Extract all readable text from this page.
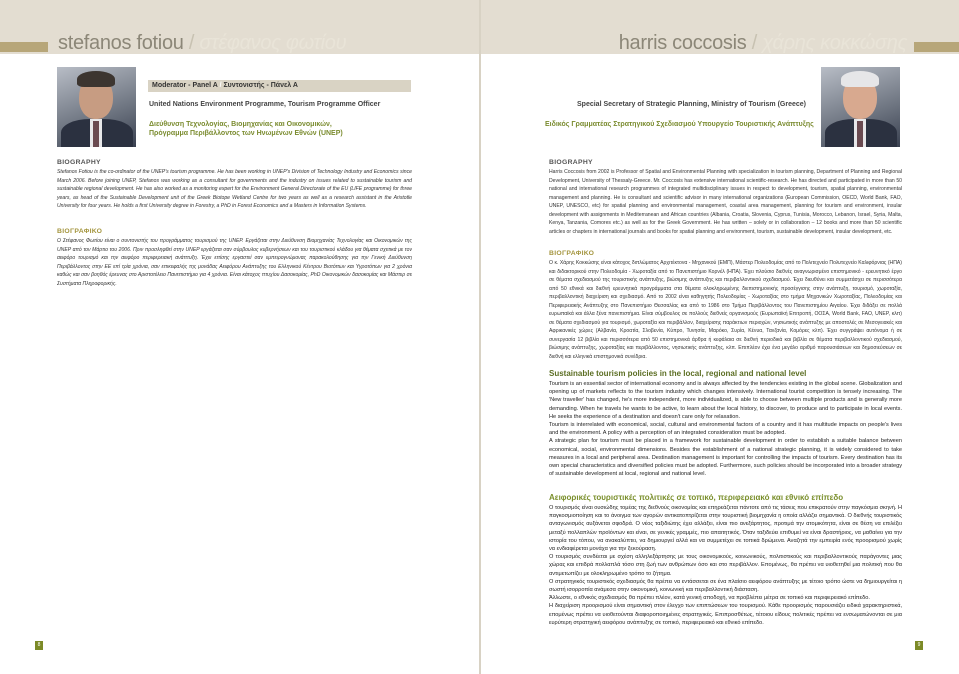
stefanos fotiou / στέφανος φωτίου
Moderator - Panel A / Συντονιστής - Πάνελ Α
United Nations Environment Programme, Tourism Programme Officer
Διεύθυνση Τεχνολογίας, Βιομηχανίας και Οικονομικών,
Πρόγραμμα Περιβάλλοντος των Ηνωμένων Εθνών (UNEP)
BIOGRAPHY
Stefanos Fotiou is the co-ordinator of the UNEP's tourism programme. He has been working in UNEP's Division of Technology Industry and Economics since March 2006. Before joining UNEP, Stefanos was working as a consultant for governments and the industry on issues related to sustainable tourism and sustainable regional development. He has also worked as a monitoring expert for the Environment General Directorate of the EU (LIFE programme) for three years, as head of the Sustainable Development unit of the Greek Biotope Wetland Centre for two years as well as a research assistant in the Aristotle University for four years. He holds a first University degree in Forestry, a PhD in Forest Economics and a Masters in Information Systems.
ΒΙΟΓΡΑΦΙΚΟ
Ο Στέφανος Φωτίου είναι ο συντονιστής του προγράμματος τουρισμού της UNEP. Εργάζεται στην Διεύθυνση Βιομηχανίας Τεχνολογίας και Οικονομικών της UNEP από τον Μάρτιο του 2006. Πριν προσληφθεί στην UNEP εργάζεται σαν σύμβουλος κυβερνήσεων και του τουριστικού κλάδου για θέματα σχετικά με τον αειφόρο τουρισμό και την αειφόρο περιφερειακή ανάπτυξη. Έχει επίσης εργαστεί σαν εμπειρογνώμονας παρακολούθησης για την Γενική Διεύθυνση Περιβάλλοντος στην ΕΕ επί τρία χρόνια, σαν επικεφαλής της μονάδας Αειφόρου Ανάπτυξης του Ελληνικού Κέντρου Βιοτόπων και Υγροτόπων για 2 χρόνια καθώς και σαν βοηθός έρευνας στο Αριστοτέλειο Πανεπιστήμιο για 4 χρόνια. Είναι κάτοχος πτυχίου Δασοκομίας, PhD Οικονομικών δασοκομίας και Μάστερ σε Συστήματα Πληροφορικής.
8
harris coccosis / χάρης κοκκώσης
Special Secretary of Strategic Planning, Ministry of Tourism (Greece)
Ειδικός Γραμματέας Στρατηγικού Σχεδιασμού Υπουργείο Τουριστικής Ανάπτυξης
BIOGRAPHY
Harris Coccosis from 2002 is Professor of Spatial and Environmental Planning with specialization in tourism planning, Department of Planning and Regional Development, University of Thessaly-Greece. Mr. Coccosis has extensive international scientific-research. He has directed and participated in more than 50 national and international research programmes of integrated multidisciplinary issues in respect to development, tourism, spatial planning, environmental management and planning. He is consultant and scientific advisor in many international organizations (European Commission, OECD, World Bank, FAO, UNEP, UNESCO, etc) for spatial planning and environmental management, coastal area management, planning for tourism and environment, insular development with assignments in Mediterranean and African countries (Albania, Croatia, Slovenia, Cyprus, Tunisia, Morocco, Lebanon, Israel, Syria, Malta, Kenya, Tanzania, Comores etc.) as well as for the Greek Government. He has written – solely or in collaboration – 12 books and more than 50 scientific articles or chapters in international journals and books for spatial planning and environment, tourism, sustainable development, insular development, etc.
ΒΙΟΓΡΑΦΙΚΟ
Ο κ. Χάρης Κοκκώσης είναι κάτοχος διπλώματος Αρχιτέκτονα - Μηχανικού (ΕΜΠ), Μάστερ Πολεοδομίας από το Πολιτεχνείο Πολυτεχνείο Καλιφόρνιας (ΗΠΑ) και διδακτορικού στην Πολεοδομία - Χωροταξία από το Πανεπιστήμιο Κορνέλ (ΗΠΑ). Έχει πλούσιο διεθνές αναγνωρισμένο επιστημονικό - ερευνητικό έργο σε θέματα σχεδιασμού της τουριστικής ανάπτυξης, βιώσιμης ανάπτυξης και περιβαλλοντικού σχεδιασμού. Έχει διευθύνει και συμμετάσχει σε περισσότερα από 50 εθνικά και διεθνή ερευνητικά προγράμματα στα θέματα ολοκληρωμένης διεπιστημονικής προσέγγισης στην ανάπτυξη, τουρισμό, χωροταξία, περιβαλλοντική διαχείριση και σχεδιασμό. Από το 2002 είναι καθηγητής Πολεοδομίας - Χωροταξίας στο τμήμα Μηχανικών Χωροταξίας, Πολεοδομίας και Περιφερειακής Ανάπτυξης στο Πανεπιστήμιο Θεσσαλίας και από το 1986 στο Τμήμα Περιβάλλοντος του Πανεπιστημίου Αιγαίου. Έχει διδάξει σε πολλά ευρωπαϊκά και άλλα ξένα πανεπιστήμια. Είναι σύμβουλος σε πολλούς διεθνείς οργανισμούς (Ευρωπαϊκή Επιτροπή, ΟΟΣΑ, World Bank, FAO, UNEP, κλπ) σε θέματα σχεδιασμού για τουρισμό, χωροταξία και περιβάλλον, διαχείρισης παράκτιων περιοχών, νησιωτικής ανάπτυξης με αποστολές σε Μεσογειακές και Αφρικανικές χώρες (Αλβανία, Κροατία, Σλοβενία, Κύπρο, Τυνησία, Μαρόκο, Συρία, Κένυα, Τανζανία, Κομόρες κλπ). Έχει συγγράψει αυτόνομα ή σε συνεργασία 12 βιβλία και περισσότερα από 50 επιστημονικά άρθρα ή κεφάλαια σε διεθνή περιοδικά και βιβλία σε θέματα περιβαλλοντικού σχεδιασμού, βιώσιμης ανάπτυξης, χωροταξίας και περιβάλλοντος, νησιωτικής ανάπτυξης, κλπ. Επιπλέον έχει ένα μεγάλο αριθμό παρουσιάσεων και δημοσιεύσεων σε διεθνή και ελληνικά επιστημονικά συνέδρια.
Sustainable tourism policies in the local, regional and national level

Tourism is an essential sector of international economy and is always affected by the tendencies existing in the global scene. Globalization and opening up of markets reflects to the tourism industry which changes intensively. International tourist competition is tensely increasing. The 'New traveller' has changed, he's more independent, more individualized, is able to choose between multiple products and is generally more demanding. When he travels he wants to be active, to learn about the local history, to discover, to produce and to participate in local events. He seeks the experience of a destination and doesn't care only for relaxation.

Tourism is interrelated with economical, social, cultural and environmental factors of a country and it has multitude impacts on people's lives and the environment. A policy with a perception of an integrated consideration must be adopted.

A strategic plan for tourism must be placed in a framework for sustainable development in order to establish a suitable balance between economical, social, environmental dimensions. Besides the establishment of a national strategic planning, it is widely considered to take measures in a local and peripheral area. Destination management is important for controlling the impacts of tourism. Every destination has its own special characteristics and diversified policies must be adopted. Furthermore, such policies should be incorporated into a broader strategy of sustainable development at local, regional and national level.

Αειφορικές τουριστικές πολιτικές σε τοπικό, περιφερειακό και εθνικό επίπεδο

Ο τουρισμός είναι ουσιώδης τομέας της διεθνούς οικονομίας και επηρεάζεται πάντοτε από τις τάσεις που επικρατούν στην παγκόσμια σκηνή. Η παγκοσμιοποίηση και το άνοιγμα των αγορών αντικατοπτρίζεται στην τουριστική βιομηχανία η οποία αλλάζει σημαντικά. Ο διεθνής τουριστικός ανταγωνισμός αυξάνεται σφοδρά. Ο νέος ταξιδιώτης έχει αλλάξει, είναι πιο ανεξάρτητος, προτιμά την ατομικότητα, είναι σε θέση να επιλέξει μεταξύ πολλαπλών προϊόντων και είναι, σε γενικές γραμμές, πιο απαιτητικός. Όταν ταξιδεύει επιθυμεί να είναι δραστήριος, να μαθαίνει για την ιστορία του τόπου, να ανακαλύπτει, να δημιουργεί αλλά και να συμμετέχει σε τοπικά δρώμενα. Αναζητά την εμπειρία ενός προορισμού χωρίς να ενδιαφέρεται μονάχα για την ξεκούραση.

Ο τουρισμός συνδέεται με σχέση αλληλεξάρτησης με τους οικονομικούς, κοινωνικούς, πολιτιστικούς και περιβαλλοντικούς παράγοντες μιας χώρας και επιδρά πολλαπλά τόσο στη ζωή των ανθρώπων όσο και στο περιβάλλον. Επομένως, θα πρέπει να υιοθετηθεί μια πολιτική που θα αντιμετωπίζει με ολοκληρωμένο τρόπο το ζήτημα.

Ο στρατηγικός τουριστικός σχεδιασμός θα πρέπει να εντάσσεται σε ένα πλαίσιο αειφόρου ανάπτυξης με τέτοιο τρόπο ώστε να δημιουργείται η σωστή ισορροπία ανάμεσα στην οικονομική, κοινωνική και περιβαλλοντική διάσταση.

Άλλωστε, ο εθνικός σχεδιασμός θα πρέπει πλέον, κατά γενική αποδοχή, να προβλέπει μέτρα σε τοπικό και περιφερειακό επίπεδο.

Η διαχείριση προορισμού είναι σημαντική στον έλεγχο των επιπτώσεων του τουρισμού. Κάθε προορισμός παρουσιάζει ειδικά χαρακτηριστικά, επομένως πρέπει να υιοθετούνται διαφοροποιημένες στρατηγικές. Επιπροσθέτως, τέτοιου είδους πολιτικές πρέπει να ενσωματώνονται σε μια ευρύτερη στρατηγική αειφόρου ανάπτυξης σε τοπικό, περιφερειακό και εθνικό επίπεδο.

9
